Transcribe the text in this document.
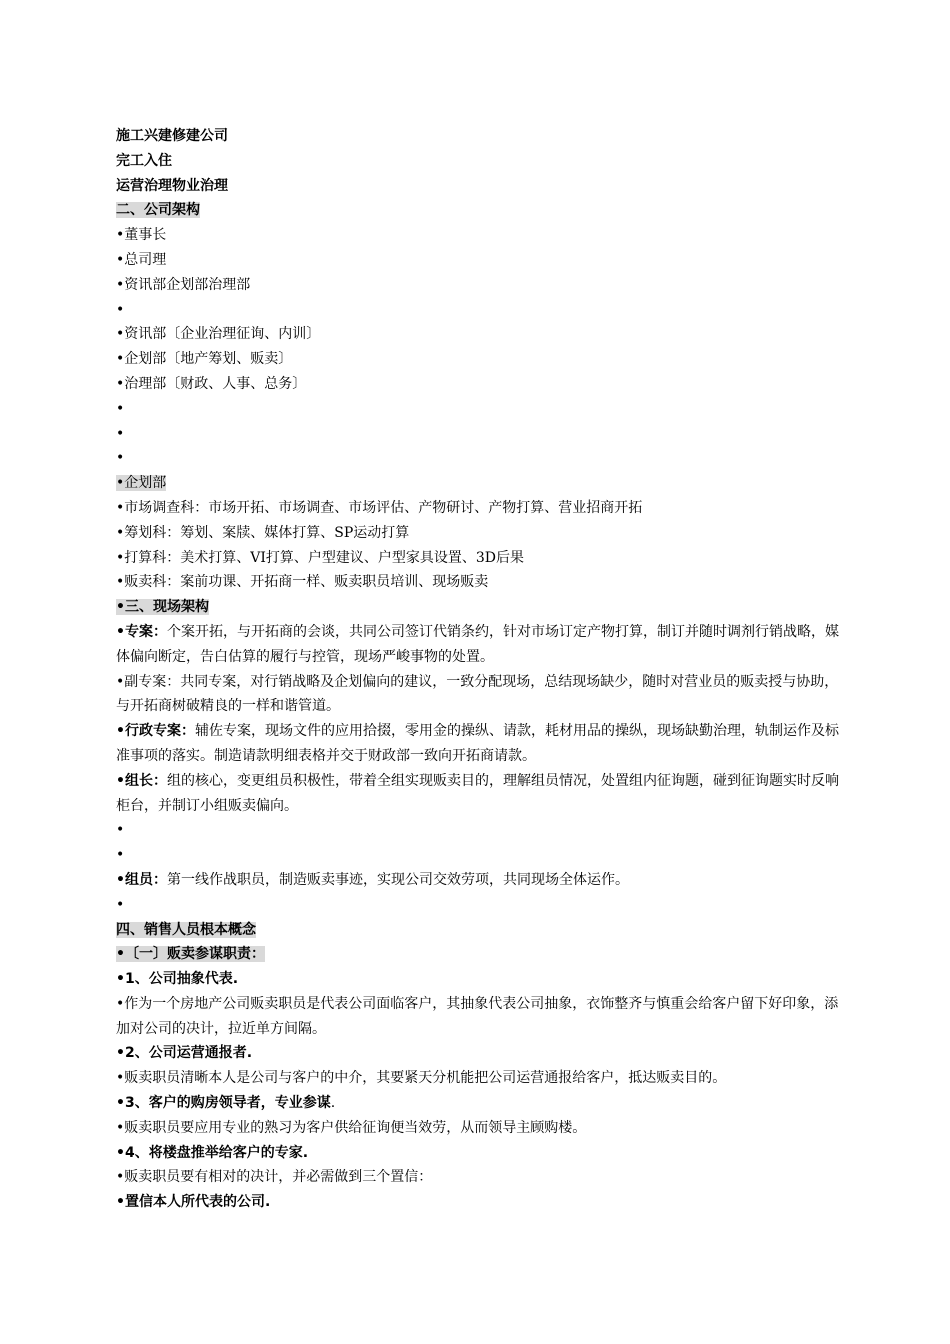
施工兴建修建公司
完工入住
运营治理物业治理
二、公司架构
•董事长
•总司理
•资讯部企划部治理部
•
•资讯部〔企业治理征询、内训〕
•企划部〔地产筹划、贩卖〕
•治理部〔财政、人事、总务〕
•
•
•
•企划部
•市场调查科：市场开拓、市场调查、市场评估、产物研讨、产物打算、营业招商开拓
•筹划科：筹划、案牍、媒体打算、SP运动打算
•打算科：美术打算、VI打算、户型建议、户型家具设置、3D后果
•贩卖科：案前功课、开拓商一样、贩卖职员培训、现场贩卖
•三、现场架构
•专案：个案开拓，与开拓商的会谈，共同公司签订代销条约，针对市场订定产物打算，制订并随时调剂行销战略，媒体偏向断定，告白估算的履行与控管，现场严峻事物的处置。
•副专案：共同专案，对行销战略及企划偏向的建议，一致分配现场，总结现场缺少，随时对营业员的贩卖授与协助，与开拓商树破精良的一样和谐管道。
•行政专案：辅佐专案，现场文件的应用拾掇，零用金的操纵、请款，耗材用品的操纵，现场缺勤治理，轨制运作及标准事项的落实。制造请款明细表格并交于财政部一致向开拓商请款。
•组长：组的核心，变更组员积极性，带着全组实现贩卖目的，理解组员情况，处置组内征询题，碰到征询题实时反响柜台，并制订小组贩卖偏向。
•
•
•组员：第一线作战职员，制造贩卖事迹，实现公司交效劳项，共同现场全体运作。
•
四、销售人员根本概念
•〔一〕贩卖参谋职责：
•1、公司抽象代表.
•作为一个房地产公司贩卖职员是代表公司面临客户，其抽象代表公司抽象，衣饰整齐与慎重会给客户留下好印象，添加对公司的决计，拉近单方间隔。
•2、公司运营通报者.
•贩卖职员清晰本人是公司与客户的中介，其要紧天分机能把公司运营通报给客户，抵达贩卖目的。
•3、客户的购房领导者，专业参谋.
•贩卖职员要应用专业的熟习为客户供给征询便当效劳，从而领导主顾购楼。
•4、将楼盘推举给客户的专家.
•贩卖职员要有相对的决计，并必需做到三个置信：
•置信本人所代表的公司.
